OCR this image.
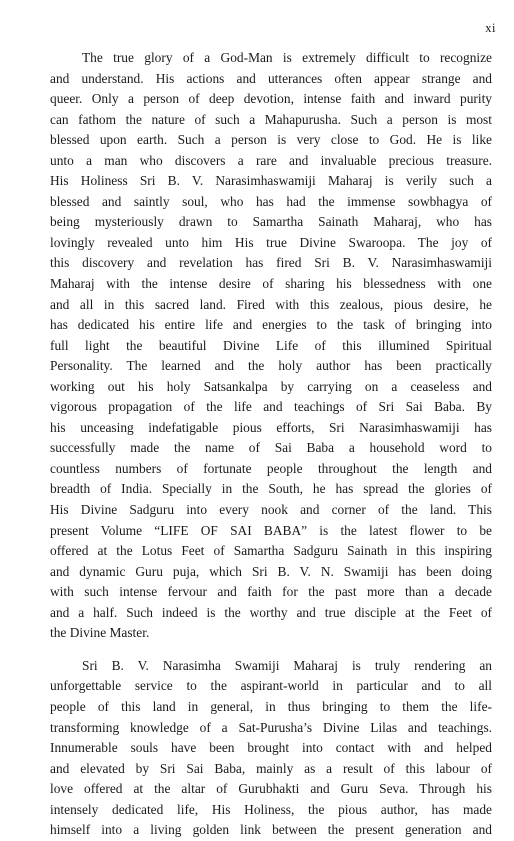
xi

The true glory of a God-Man is extremely difficult to recognize
and understand. His actions and utterances often appear strange and
queer. Only a person of deep devotion, intense faith and inward purity
can fathom the nature of such a Mahapurusha. Such a person is most
blessed upon earth. Such a person is very close to God. He is like
unto a man who discovers a rare and invaluable precious treasure.
His Holiness Sri B. V. Narasimhaswamiji Maharaj is verily such a
blessed and saintly soul, who has had the immense sowbhagya of
being mysteriously drawn to Samartha Sainath Maharaj, who has
lovingly revealed unto him His true Divine Swaroopa. The joy of
this discovery and revelation has fired Sri B. V. Narasimhaswamiji
Maharaj with the intense desire of sharing his blessedness with one
and all in this sacred land. Fired with this zealous, pious desire, he
has dedicated his entire life and energies to the task of bringing into
full light the beautiful Divine Life of this illumined Spiritual
Personality. The learned and the holy author has been practically
working out his holy Satsankalpa by carrying on a ceaseless and
vigorous propagation of the life and teachings of Sri Sai Baba. By
his unceasing indefatigable pious efforts, Sri Narasimhaswamiji has
successfully made the name of Sai Baba a household word to
countless numbers of fortunate people throughout the length and
breadth of India. Specially in the South, he has spread the glories of
His Divine Sadguru into every nook and corner of the land. This
present Volume “LIFE OF SAI BABA” is the latest flower to be
offered at the Lotus Feet of Samartha Sadguru Sainath in this inspiring
and dynamic Guru puja, which Sri B. V. N. Swamiji has been doing
with such intense fervour and faith for the past more than a decade
and a half. Such indeed is the worthy and true disciple at the Feet of
the Divine Master.

Sri B. V. Narasimha Swamiji Maharaj is truly rendering an
unforgettable service to the aspirant-world in particular and to all
people of this land in general, in thus bringing to them the life-
transforming knowledge of a Sat-Purusha’s Divine Lilas and teachings.
Innumerable souls have been brought into contact with and helped
and elevated by Sri Sai Baba, mainly as a result of this labour of
love offered at the altar of Gurubhakti and Guru Seva. Through his
intensely dedicated life, His Holiness, the pious author, has made
himself into a living golden link between the present generation and
